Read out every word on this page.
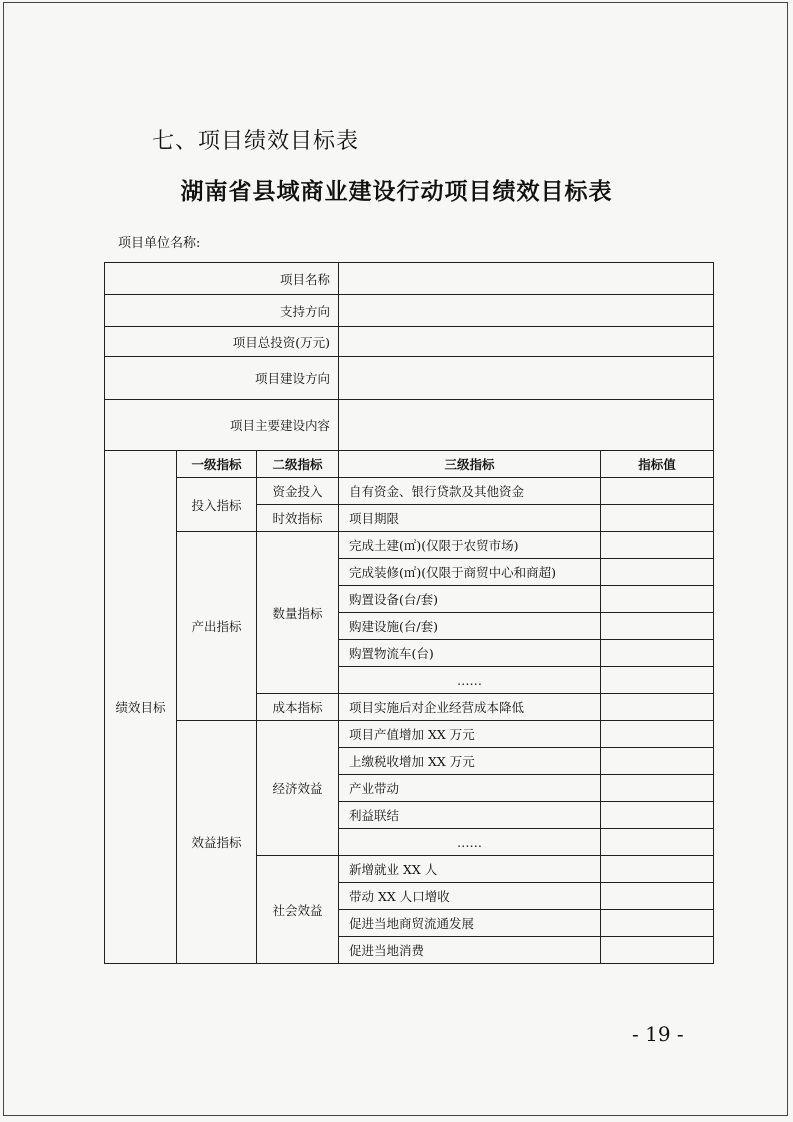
七、项目绩效目标表
湖南省县域商业建设行动项目绩效目标表
项目单位名称:
项目名称				
支持方向				
项目总投资(万元)				
项目建设方向				
项目主要建设内容				
绩效目标	一级指标	二级指标	三级指标	指标值
	投入指标	资金投入	自有资金、银行贷款及其他资金	
		时效指标	项目期限	
	产出指标	数量指标	完成土建(㎡)(仅限于农贸市场)	
			完成装修(㎡)(仅限于商贸中心和商超)	
			购置设备(台/套)	
			购建设施(台/套)	
			购置物流车(台)	
			……	
		成本指标	项目实施后对企业经营成本降低	
	效益指标	经济效益	项目产值增加 XX 万元	
			上缴税收增加 XX 万元	
			产业带动	
			利益联结	
			……	
		社会效益	新增就业 XX 人	
			带动 XX 人口增收	
			促进当地商贸流通发展	
			促进当地消费	
- 19 -
